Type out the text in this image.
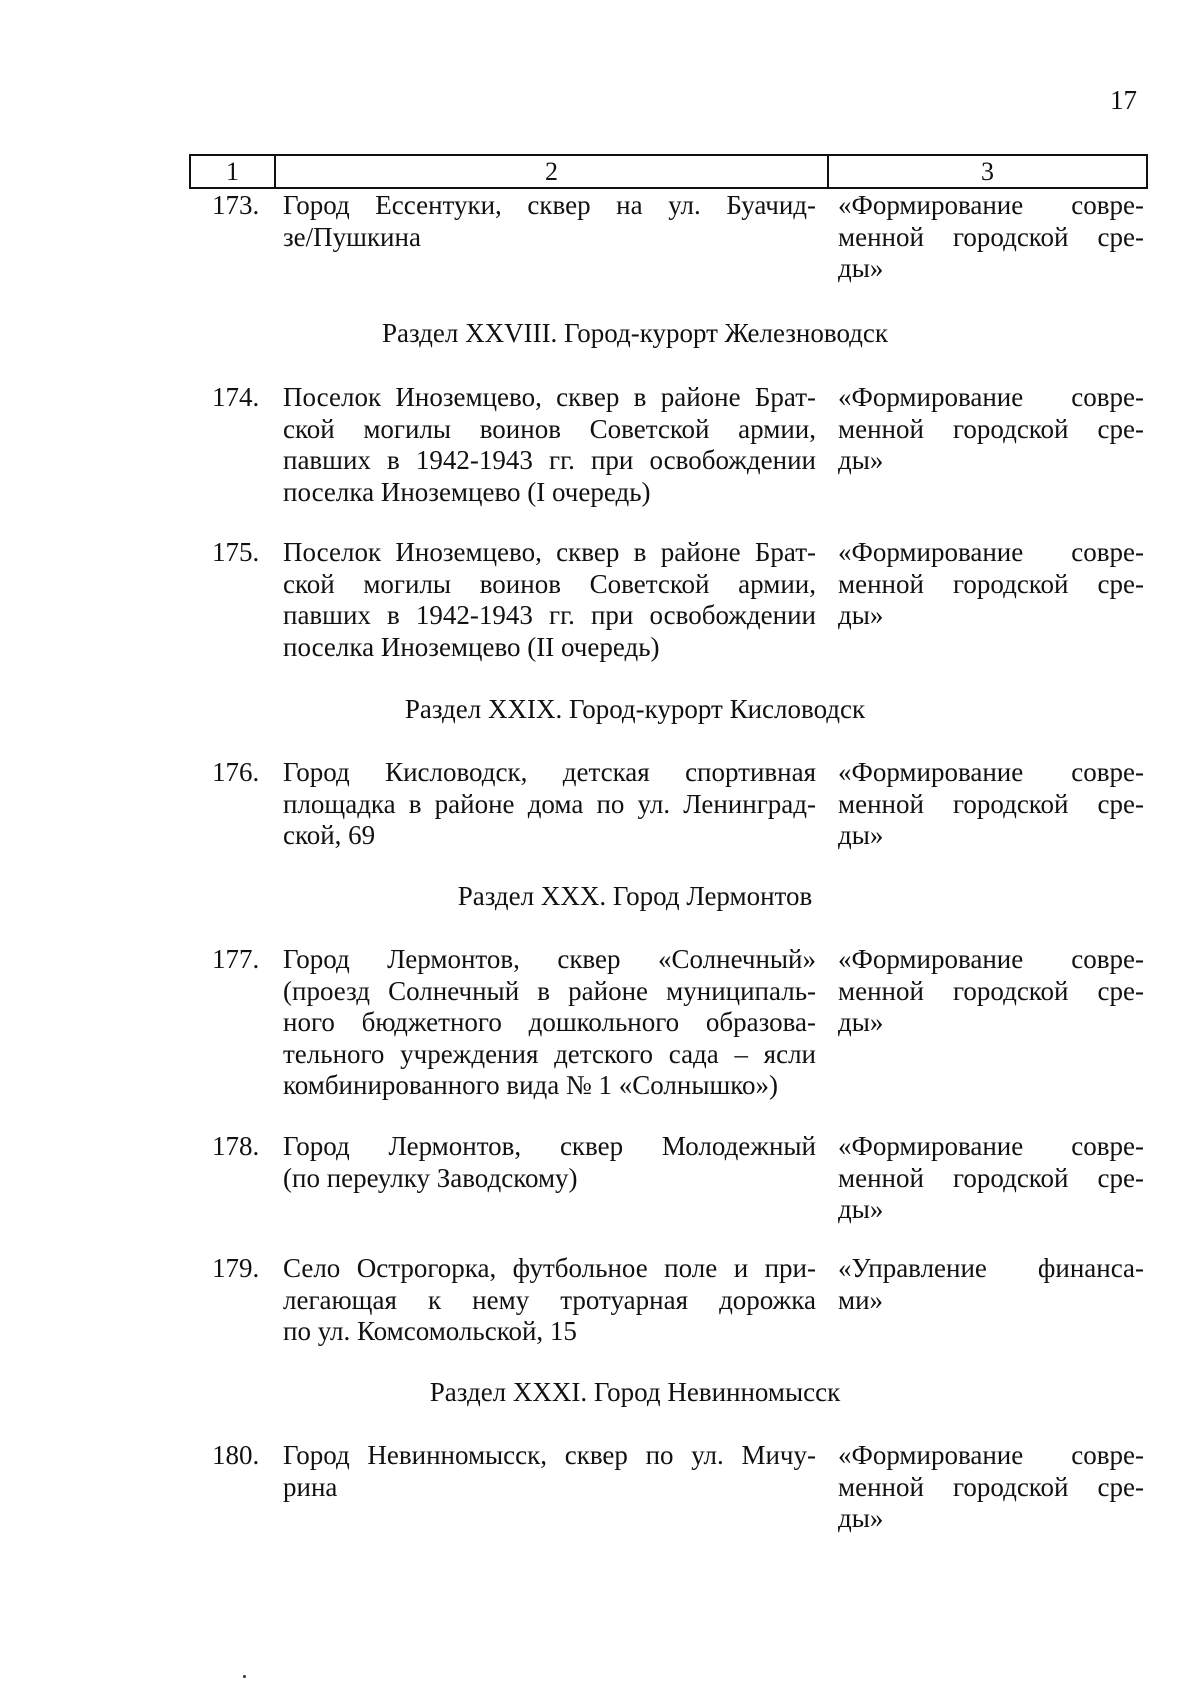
17
1	2	3
173. Город Ессентуки, сквер на ул. Буачид-
зе/Пушкина
«Формирование совре-
менной городской сре-
ды»
Раздел XXVIII. Город-курорт Железноводск
174. Поселок Иноземцево, сквер в районе Брат-
ской могилы воинов Советской армии,
павших в 1942-1943 гг. при освобождении
поселка Иноземцево (I очередь)
«Формирование совре-
менной городской сре-
ды»
175. Поселок Иноземцево, сквер в районе Брат-
ской могилы воинов Советской армии,
павших в 1942-1943 гг. при освобождении
поселка Иноземцево (II очередь)
«Формирование совре-
менной городской сре-
ды»
Раздел XXIX. Город-курорт Кисловодск
176. Город Кисловодск, детская спортивная
площадка в районе дома по ул. Ленинград-
ской, 69
«Формирование совре-
менной городской сре-
ды»
Раздел XXX. Город Лермонтов
177. Город Лермонтов, сквер «Солнечный»
(проезд Солнечный в районе муниципаль-
ного бюджетного дошкольного образова-
тельного учреждения детского сада – ясли
комбинированного вида № 1 «Солнышко»)
«Формирование совре-
менной городской сре-
ды»
178. Город Лермонтов, сквер Молодежный
(по переулку Заводскому)
«Формирование совре-
менной городской сре-
ды»
179. Село Острогорка, футбольное поле и при-
легающая к нему тротуарная дорожка
по ул. Комсомольской, 15
«Управление финанса-
ми»
Раздел XXXI. Город Невинномысск
180. Город Невинномысск, сквер по ул. Мичу-
рина
«Формирование совре-
менной городской сре-
ды»
